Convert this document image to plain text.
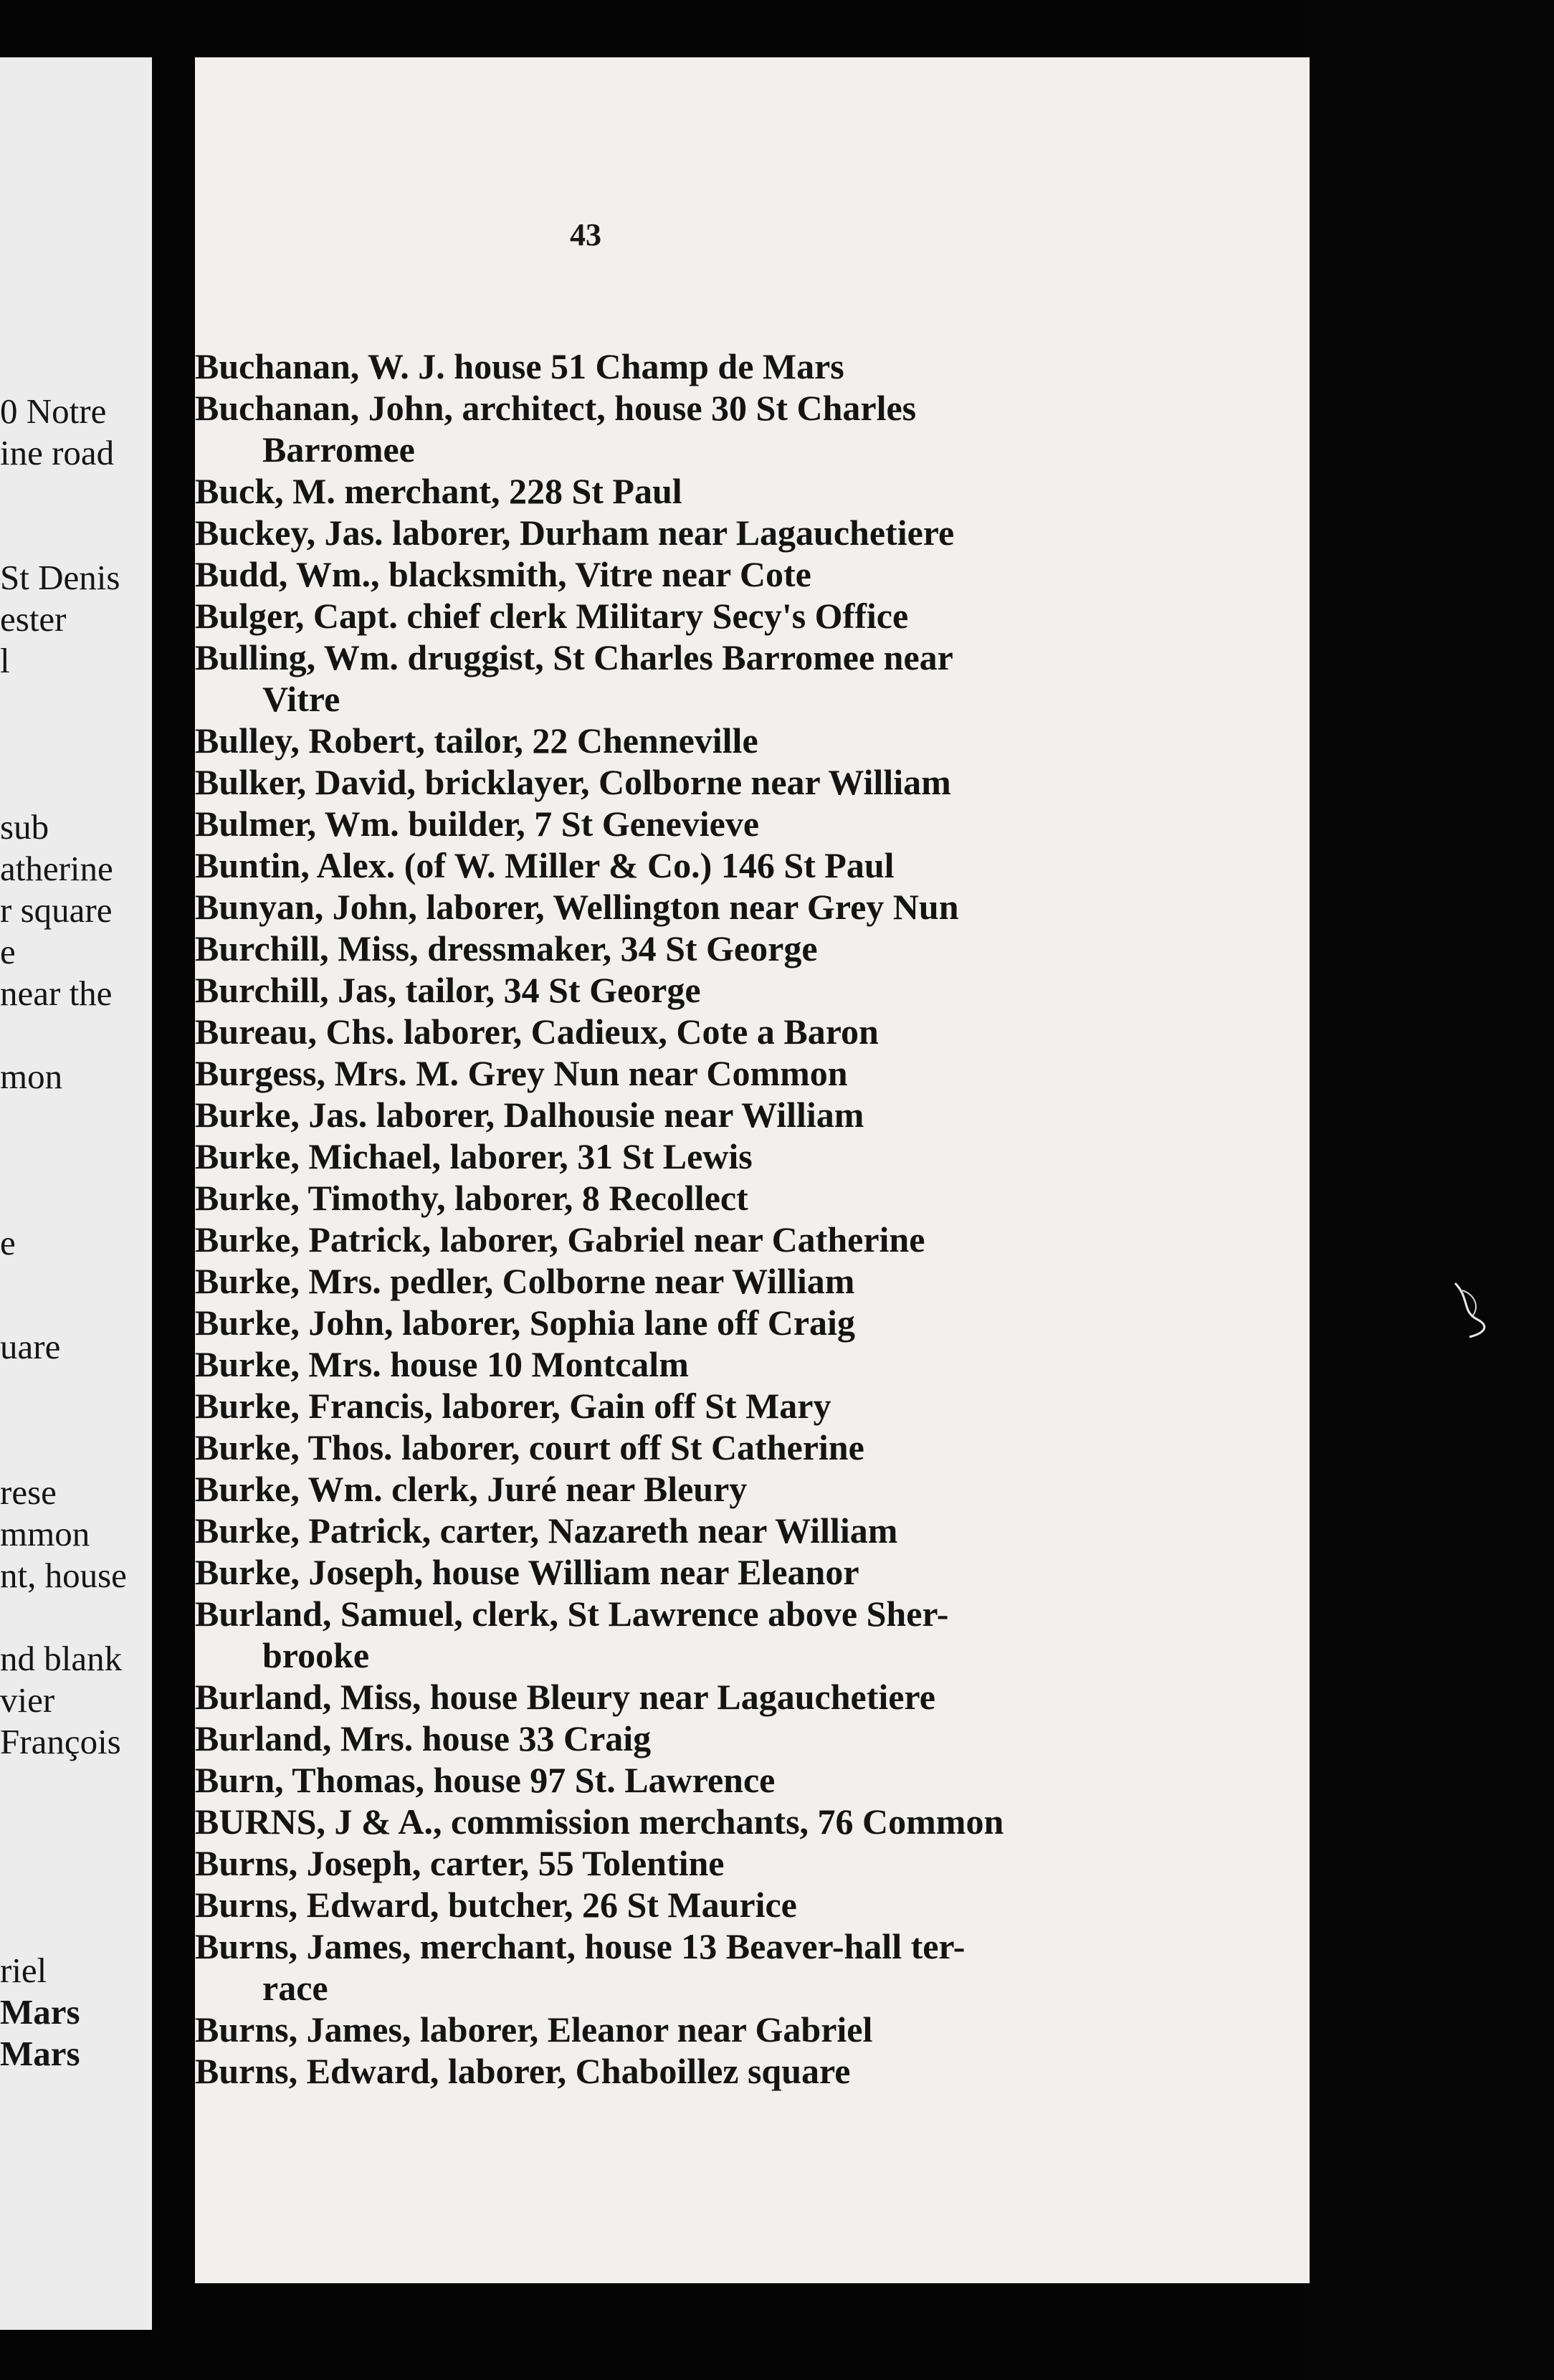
0 Notre
ine road
St Denis
ester
l
sub
atherine
r square
e
near the
mon
e
uare
rese
mmon
nt, house
nd blank
vier
François
riel
Mars
Mars
43
Buchanan, W. J. house 51 Champ de Mars
Buchanan, John, architect, house 30 St Charles
Barromee
Buck, M. merchant, 228 St Paul
Buckey, Jas. laborer, Durham near Lagauchetiere
Budd, Wm., blacksmith, Vitre near Cote
Bulger, Capt. chief clerk Military Secy's Office
Bulling, Wm. druggist, St Charles Barromee near
Vitre
Bulley, Robert, tailor, 22 Chenneville
Bulker, David, bricklayer, Colborne near William
Bulmer, Wm. builder, 7 St Genevieve
Buntin, Alex. (of W. Miller & Co.) 146 St Paul
Bunyan, John, laborer, Wellington near Grey Nun
Burchill, Miss, dressmaker, 34 St George
Burchill, Jas, tailor, 34 St George
Bureau, Chs. laborer, Cadieux, Cote a Baron
Burgess, Mrs. M. Grey Nun near Common
Burke, Jas. laborer, Dalhousie near William
Burke, Michael, laborer, 31 St Lewis
Burke, Timothy, laborer, 8 Recollect
Burke, Patrick, laborer, Gabriel near Catherine
Burke, Mrs. pedler, Colborne near William
Burke, John, laborer, Sophia lane off Craig
Burke, Mrs. house 10 Montcalm
Burke, Francis, laborer, Gain off St Mary
Burke, Thos. laborer, court off St Catherine
Burke, Wm. clerk, Juré near Bleury
Burke, Patrick, carter, Nazareth near William
Burke, Joseph, house William near Eleanor
Burland, Samuel, clerk, St Lawrence above Sher-
brooke
Burland, Miss, house Bleury near Lagauchetiere
Burland, Mrs. house 33 Craig
Burn, Thomas, house 97 St. Lawrence
BURNS, J & A., commission merchants, 76 Common
Burns, Joseph, carter, 55 Tolentine
Burns, Edward, butcher, 26 St Maurice
Burns, James, merchant, house 13 Beaver-hall ter-
race
Burns, James, laborer, Eleanor near Gabriel
Burns, Edward, laborer, Chaboillez square
